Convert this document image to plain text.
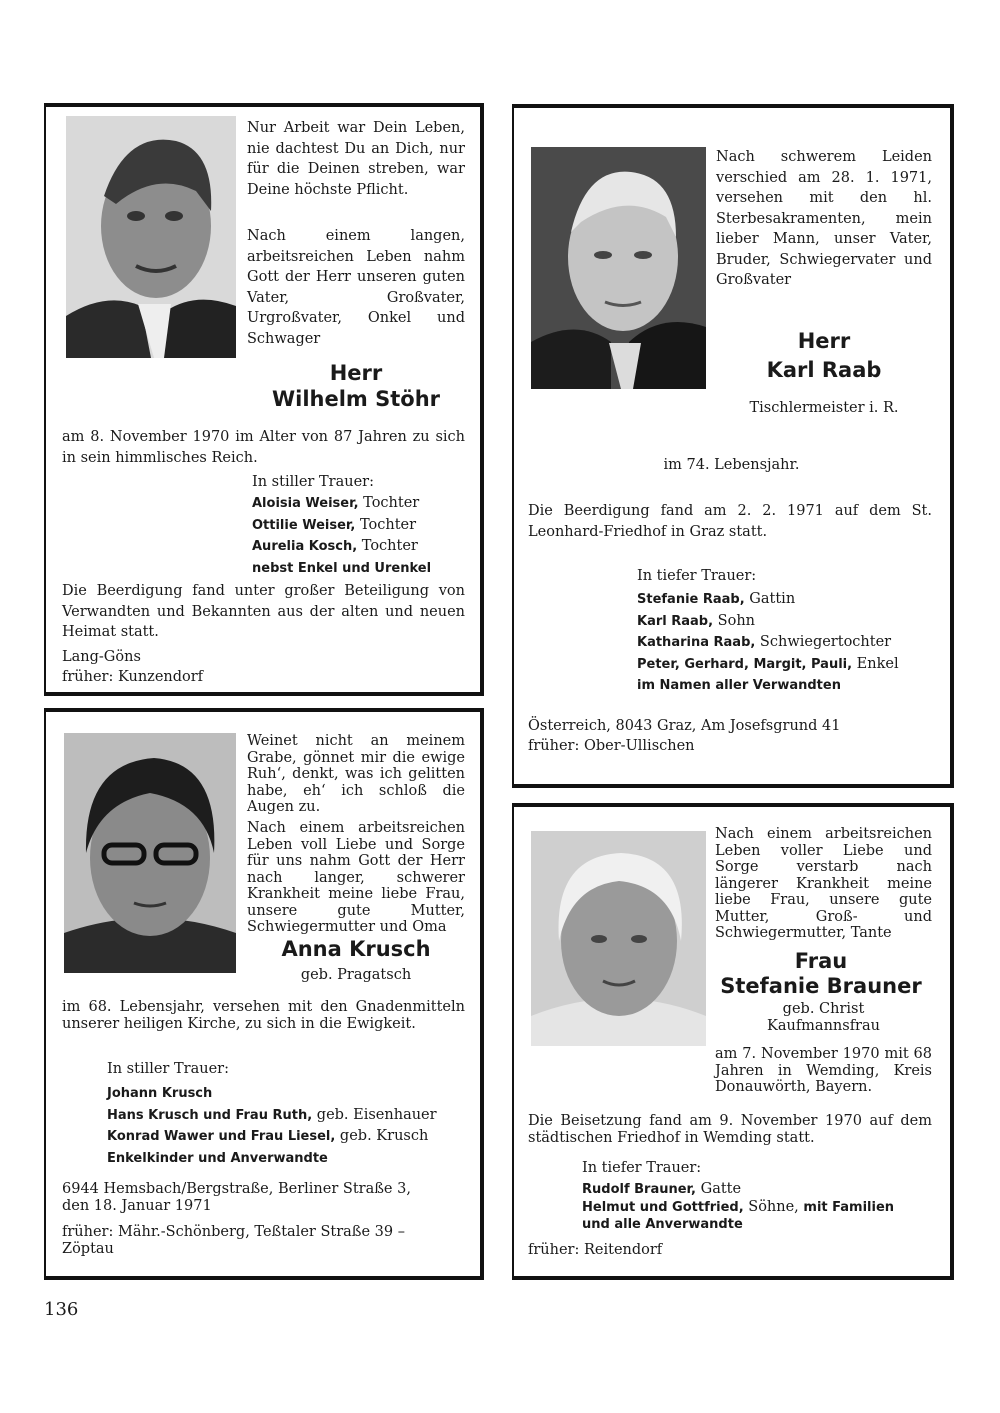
Nur Arbeit war Dein Leben, nie dachtest Du an Dich, nur für die Deinen streben, war Deine höchste Pflicht.

Nach einem langen, arbeitsreichen Leben nahm Gott der Herr unseren guten Vater, Großvater, Urgroßvater, Onkel und Schwager

Herr

Wilhelm Stöhr

am 8. November 1970 im Alter von 87 Jahren zu sich in sein himmlisches Reich.

In stiller Trauer:

Aloisia Weiser, Tochter
Ottilie Weiser, Tochter
Aurelia Kosch, Tochter
nebst Enkel und Urenkel

Die Beerdigung fand unter großer Beteiligung von Verwandten und Bekannten aus der alten und neuen Heimat statt.

Lang-Göns

früher: Kunzendorf

Nach schwerem Leiden verschied am 28. 1. 1971, versehen mit den hl. Sterbesakramenten, mein lieber Mann, unser Vater, Bruder, Schwiegervater und Großvater

Herr

Karl Raab

Tischlermeister i. R.

im 74. Lebensjahr.

Die Beerdigung fand am 2. 2. 1971 auf dem St. Leonhard-Friedhof in Graz statt.

In tiefer Trauer:

Stefanie Raab, Gattin
Karl Raab, Sohn
Katharina Raab, Schwiegertochter
Peter, Gerhard, Margit, Pauli, Enkel
im Namen aller Verwandten

Österreich, 8043 Graz, Am Josefsgrund 41

früher: Ober-Ullischen

Weinet nicht an meinem Grabe, gönnet mir die ewige Ruh‘, denkt, was ich gelitten habe, eh‘ ich schloß die Augen zu.

Nach einem arbeitsreichen Leben voll Liebe und Sorge für uns nahm Gott der Herr nach langer, schwerer Krankheit meine liebe Frau, unsere gute Mutter, Schwiegermutter und Oma

Anna Krusch

geb. Pragatsch

im 68. Lebensjahr, versehen mit den Gnadenmitteln unserer heiligen Kirche, zu sich in die Ewigkeit.

In stiller Trauer:

Johann Krusch
Hans Krusch und Frau Ruth, geb. Eisenhauer
Konrad Wawer und Frau Liesel, geb. Krusch
Enkelkinder und Anverwandte

6944 Hemsbach/Bergstraße, Berliner Straße 3, den 18. Januar 1971

früher: Mähr.-Schönberg, Teßtaler Straße 39 – Zöptau

Nach einem arbeitsreichen Leben voller Liebe und Sorge verstarb nach längerer Krankheit meine liebe Frau, unsere gute Mutter, Groß- und Schwiegermutter, Tante

Frau

Stefanie Brauner

geb. Christ
Kaufmannsfrau

am 7. November 1970 mit 68 Jahren in Wemding, Kreis Donauwörth, Bayern.

Die Beisetzung fand am 9. November 1970 auf dem städtischen Friedhof in Wemding statt.

In tiefer Trauer:

Rudolf Brauner, Gatte
Helmut und Gottfried, Söhne, mit Familien
und alle Anverwandte

früher: Reitendorf

136
